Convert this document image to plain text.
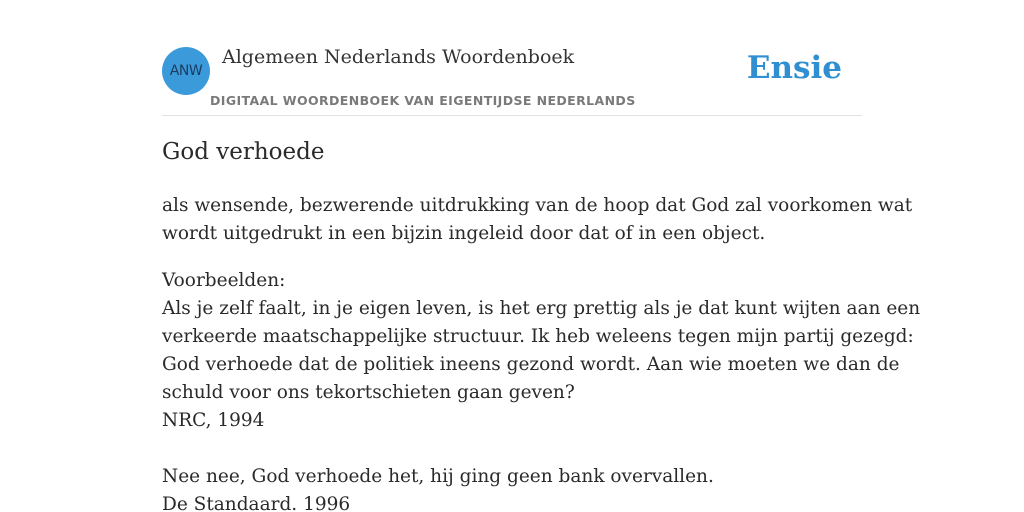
ANW
Algemeen Nederlands Woordenboek
DIGITAAL WOORDENBOEK VAN EIGENTIJDSE NEDERLANDS
Ensie
God verhoede

als wensende, bezwerende uitdrukking van de hoop dat God zal voorkomen wat
wordt uitgedrukt in een bijzin ingeleid door dat of in een object.

Voorbeelden:
Als je zelf faalt, in je eigen leven, is het erg prettig als je dat kunt wijten aan een
verkeerde maatschappelijke structuur. Ik heb weleens tegen mijn partij gezegd:
God verhoede dat de politiek ineens gezond wordt. Aan wie moeten we dan de
schuld voor ons tekortschieten gaan geven?
NRC, 1994
Nee nee, God verhoede het, hij ging geen bank overvallen.
De Standaard. 1996
